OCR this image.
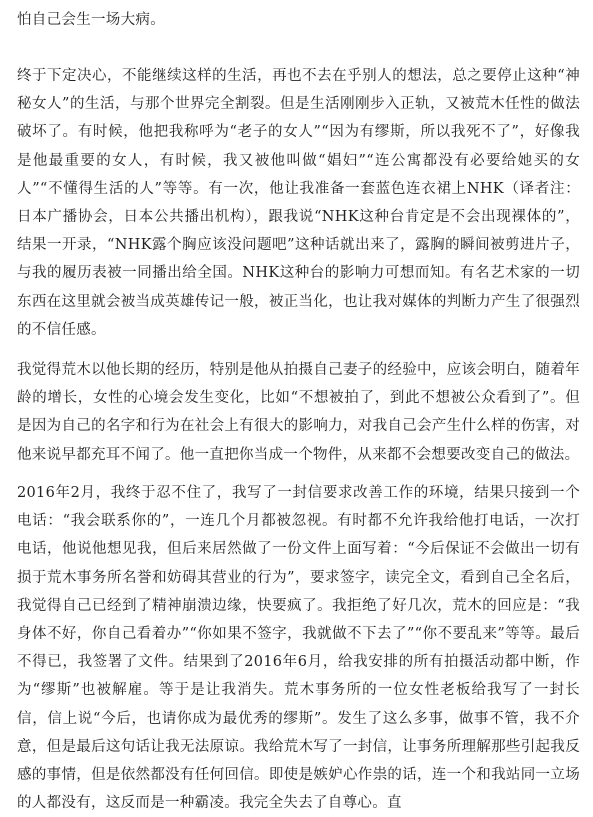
怕自己会生一场大病。

终于下定决心，不能继续这样的生活，再也不去在乎别人的想法，总之要停止这种“神秘女人”的生活，与那个世界完全割裂。但是生活刚刚步入正轨，又被荒木任性的做法破坏了。有时候，他把我称呼为“老子的女人”“因为有缪斯，所以我死不了”，好像我是他最重要的女人，有时候，我又被他叫做“娼妇”“连公寓都没有必要给她买的女人”“不懂得生活的人”等等。有一次，他让我准备一套蓝色连衣裙上NHK（译者注：日本广播协会，日本公共播出机构），跟我说“NHK这种台肯定是不会出现裸体的”，结果一开录，“NHK露个胸应该没问题吧”这种话就出来了，露胸的瞬间被剪进片子，与我的履历表被一同播出给全国。NHK这种台的影响力可想而知。有名艺术家的一切东西在这里就会被当成英雄传记一般，被正当化，也让我对媒体的判断力产生了很强烈的不信任感。

我觉得荒木以他长期的经历，特别是他从拍摄自己妻子的经验中，应该会明白，随着年龄的增长，女性的心境会发生变化，比如“不想被拍了，到此不想被公众看到了”。但是因为自己的名字和行为在社会上有很大的影响力，对我自己会产生什么样的伤害，对他来说早都充耳不闻了。他一直把你当成一个物件，从来都不会想要改变自己的做法。

2016年2月，我终于忍不住了，我写了一封信要求改善工作的环境，结果只接到一个电话：“我会联系你的”，一连几个月都被忽视。有时都不允许我给他打电话，一次打电话，他说他想见我，但后来居然做了一份文件上面写着：“今后保证不会做出一切有损于荒木事务所名誉和妨碍其营业的行为”，要求签字，读完全文，看到自己全名后，我觉得自己已经到了精神崩溃边缘，快要疯了。我拒绝了好几次，荒木的回应是：“我身体不好，你自己看着办”“你如果不签字，我就做不下去了”“你不要乱来”等等。最后不得已，我签署了文件。结果到了2016年6月，给我安排的所有拍摄活动都中断，作为“缪斯”也被解雇。等于是让我消失。荒木事务所的一位女性老板给我写了一封长信，信上说“今后，也请你成为最优秀的缪斯”。发生了这么多事，做事不管，我不介意，但是最后这句话让我无法原谅。我给荒木写了一封信，让事务所理解那些引起我反感的事情，但是依然都没有任何回信。即使是嫉妒心作祟的话，连一个和我站同一立场的人都没有，这反而是一种霸凌。我完全失去了自尊心。直
